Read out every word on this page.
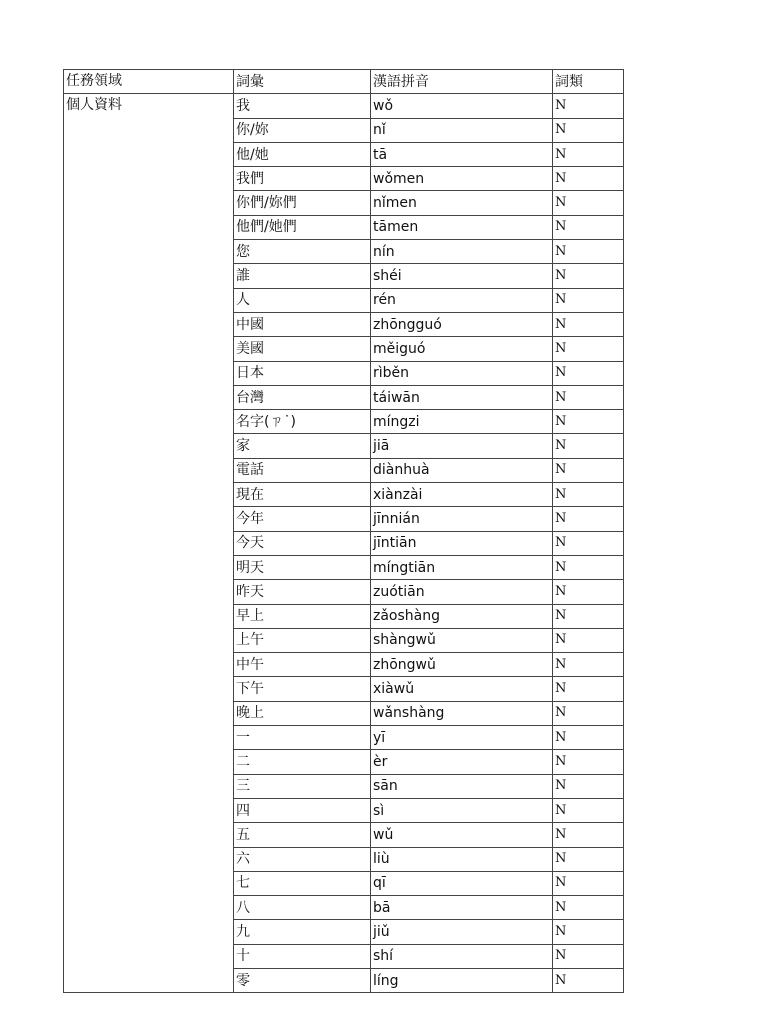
任務領域	詞彙	漢語拼音	詞類
個人資料	我	wǒ	N
	你/妳	nǐ	N
	他/她	tā	N
	我們	wǒmen	N
	你們/妳們	nǐmen	N
	他們/她們	tāmen	N
	您	nín	N
	誰	shéi	N
	人	rén	N
	中國	zhōngguó	N
	美國	měiguó	N
	日本	rìběn	N
	台灣	táiwān	N
	名字(ㄗ˙)	míngzi	N
	家	jiā	N
	電話	diànhuà	N
	現在	xiànzài	N
	今年	jīnnián	N
	今天	jīntiān	N
	明天	míngtiān	N
	昨天	zuótiān	N
	早上	zǎoshàng	N
	上午	shàngwǔ	N
	中午	zhōngwǔ	N
	下午	xiàwǔ	N
	晚上	wǎnshàng	N
	一	yī	N
	二	èr	N
	三	sān	N
	四	sì	N
	五	wǔ	N
	六	liù	N
	七	qī	N
	八	bā	N
	九	jiǔ	N
	十	shí	N
	零	líng	N
